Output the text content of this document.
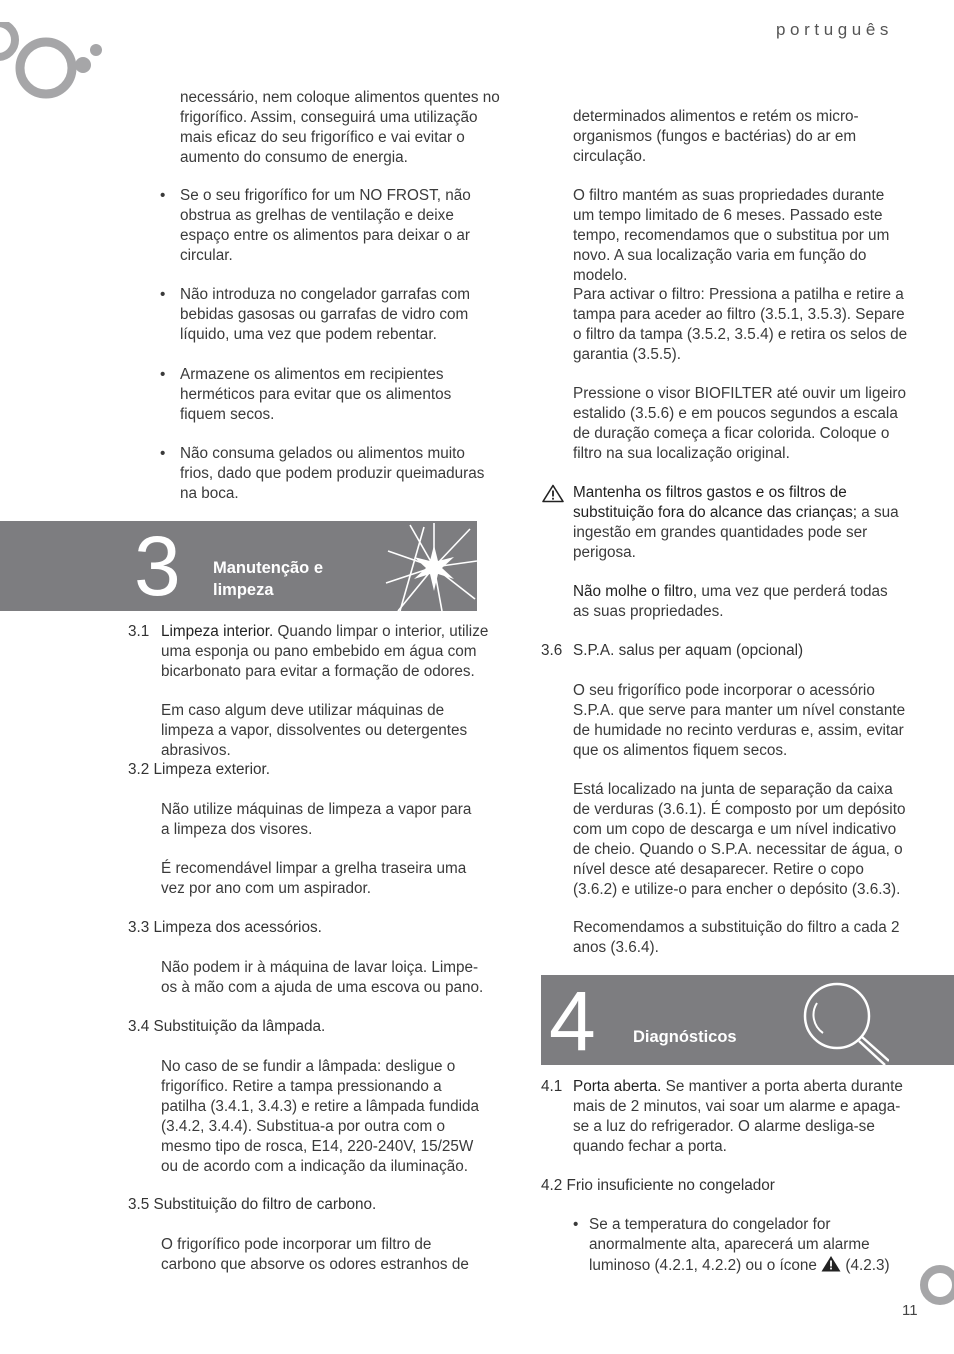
português

necessário, nem coloque alimentos quentes no frigorífico. Assim, conseguirá uma utilização mais eficaz do seu frigorífico e vai evitar o aumento do consumo de energia.

• Se o seu frigorífico for um NO FROST, não obstrua as grelhas de ventilação e deixe espaço entre os alimentos para deixar o ar circular.

• Não introduza no congelador garrafas com bebidas gasosas ou garrafas de vidro com líquido, uma vez que podem rebentar.

• Armazene os alimentos em recipientes herméticos para evitar que os alimentos fiquem secos.

• Não consuma gelados ou alimentos muito frios, dado que podem produzir queimaduras na boca.

3 Manutenção e
limpeza
3.1 Limpeza interior. Quando limpar o interior, utilize uma esponja ou pano embebido em água com bicarbonato para evitar a formação de odores.

Em caso algum deve utilizar máquinas de limpeza a vapor, dissolventes ou detergentes abrasivos.

3.2 Limpeza exterior.

Não utilize máquinas de limpeza a vapor para a limpeza dos visores.

É recomendável limpar a grelha traseira uma vez por ano com um aspirador.

3.3 Limpeza dos acessórios.

Não podem ir à máquina de lavar loiça. Limpe-os à mão com a ajuda de uma escova ou pano.

3.4 Substituição da lâmpada.

No caso de se fundir a lâmpada: desligue o frigorífico. Retire a tampa pressionando a patilha (3.4.1, 3.4.3) e retire a lâmpada fundida (3.4.2, 3.4.4). Substitua-a por outra com o mesmo tipo de rosca, E14, 220-240V, 15/25W ou de acordo com a indicação da iluminação.

3.5 Substituição do filtro de carbono.

O frigorífico pode incorporar um filtro de carbono que absorve os odores estranhos de

determinados alimentos e retém os micro-organismos (fungos e bactérias) do ar em circulação.

O filtro mantém as suas propriedades durante um tempo limitado de 6 meses. Passado este tempo, recomendamos que o substitua por um novo. A sua localização varia em função do modelo.

Para activar o filtro: Pressiona a patilha e retire a tampa para aceder ao filtro (3.5.1, 3.5.3). Separe o filtro da tampa (3.5.2, 3.5.4) e retira os selos de garantia (3.5.5).

Pressione o visor BIOFILTER até ouvir um ligeiro estalido (3.5.6) e em poucos segundos a escala de duração começa a ficar colorida. Coloque o filtro na sua localização original.

Mantenha os filtros gastos e os filtros de substituição fora do alcance das crianças; a sua ingestão em grandes quantidades pode ser perigosa.

Não molhe o filtro, uma vez que perderá todas as suas propriedades.

3.6 S.P.A. salus per aquam (opcional)

O seu frigorífico pode incorporar o acessório S.P.A. que serve para manter um nível constante de humidade no recinto verduras e, assim, evitar que os alimentos fiquem secos.

Está localizado na junta de separação da caixa de verduras (3.6.1). É composto por um depósito com um copo de descarga e um nível indicativo de cheio. Quando o S.P.A. necessitar de água, o nível desce até desaparecer. Retire o copo (3.6.2) e utilize-o para encher o depósito (3.6.3).

Recomendamos a substituição do filtro a cada 2 anos (3.6.4).

4 Diagnósticos
4.1 Porta aberta. Se mantiver a porta aberta durante mais de 2 minutos, vai soar um alarme e apaga-se a luz do refrigerador. O alarme desliga-se quando fechar a porta.

4.2 Frio insuficiente no congelador
• Se a temperatura do congelador for anormalmente alta, aparecerá um alarme luminoso (4.2.1, 4.2.2) ou o ícone  (4.2.3)

11
